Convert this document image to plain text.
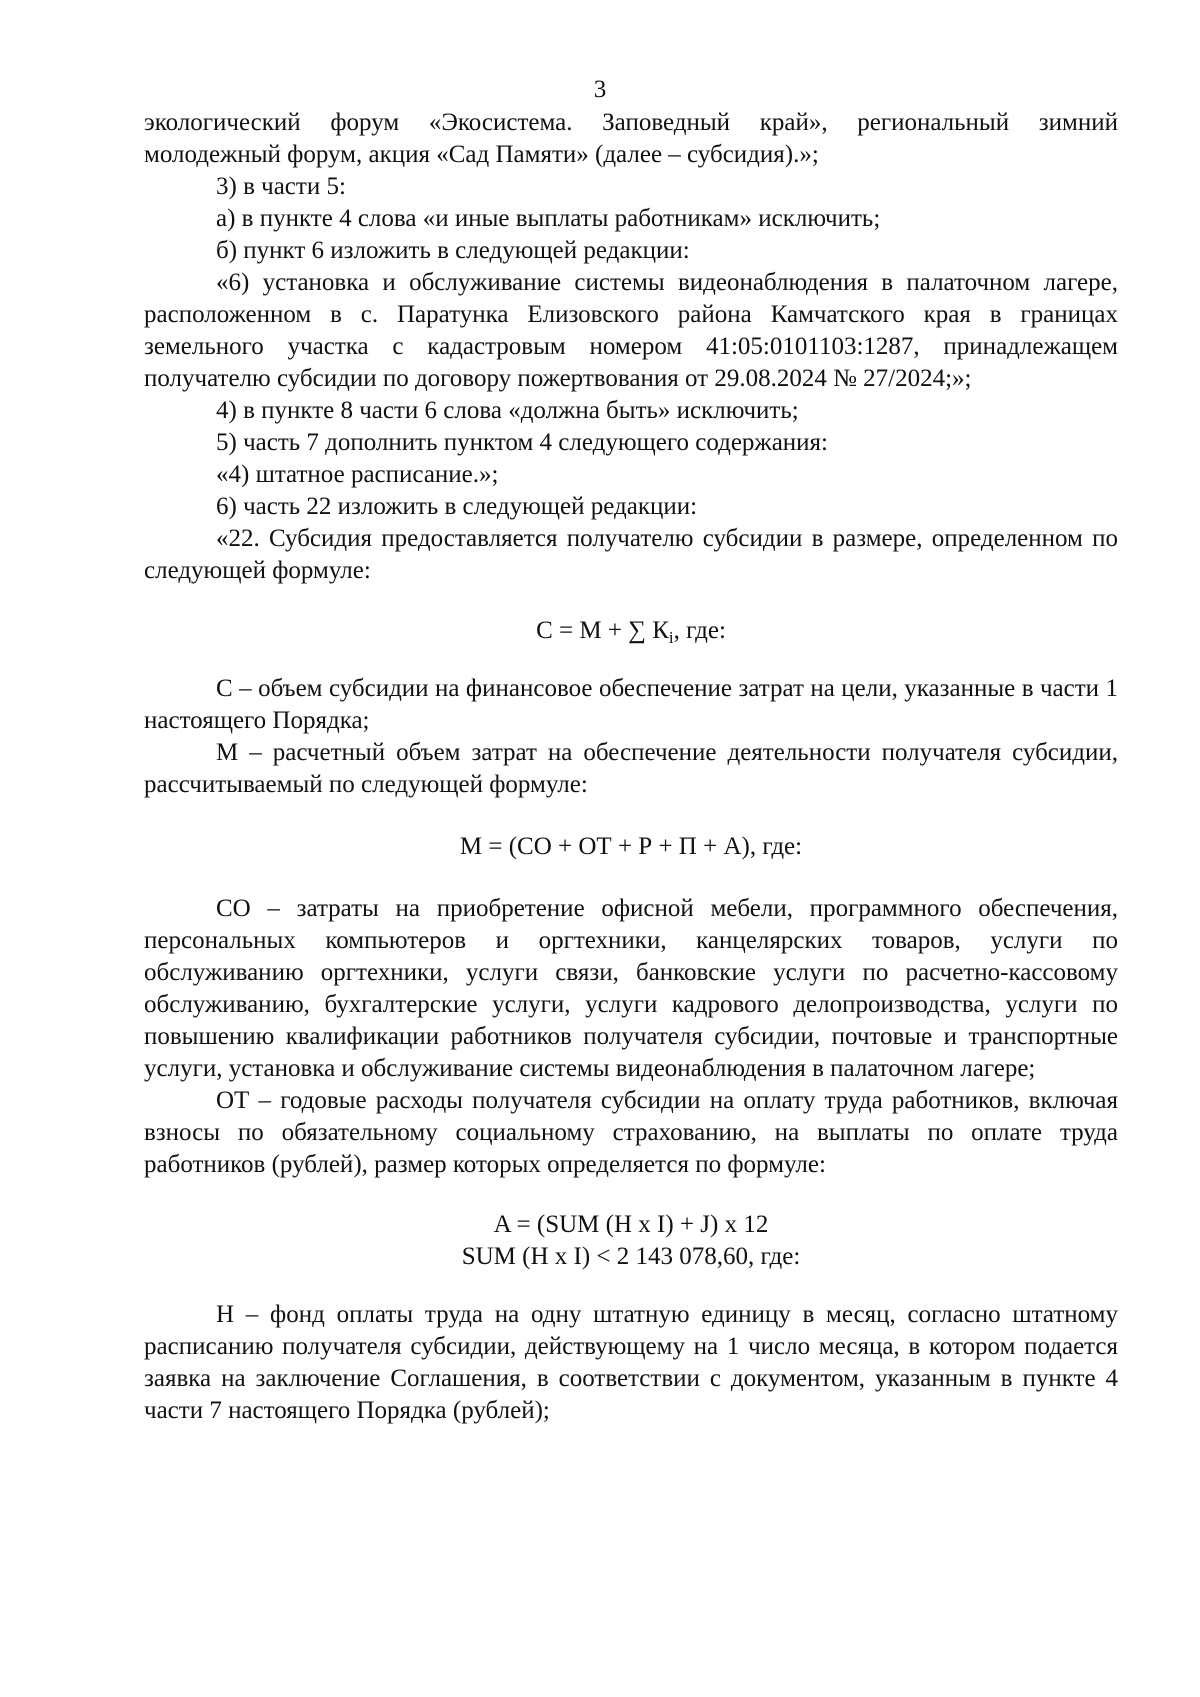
3

экологический форум «Экосистема. Заповедный край», региональный зимний молодежный форум, акция «Сад Памяти» (далее – субсидия).»;

3) в части 5:

а) в пункте 4 слова «и иные выплаты работникам» исключить;

б) пункт 6 изложить в следующей редакции:

«6) установка и обслуживание системы видеонаблюдения в палаточном лагере, расположенном в с. Паратунка Елизовского района Камчатского края в границах земельного участка с кадастровым номером 41:05:0101103:1287, принадлежащем получателю субсидии по договору пожертвования от 29.08.2024 № 27/2024;»;

4) в пункте 8 части 6 слова «должна быть» исключить;

5) часть 7 дополнить пунктом 4 следующего содержания:

«4) штатное расписание.»;

6) часть 22 изложить в следующей редакции:

«22. Субсидия предоставляется получателю субсидии в размере, определенном по следующей формуле:

С = М + ∑ $К_i$, где:

С – объем субсидии на финансовое обеспечение затрат на цели, указанные в части 1 настоящего Порядка;

М – расчетный объем затрат на обеспечение деятельности получателя субсидии, рассчитываемый по следующей формуле:

М = (СО + ОТ + Р + П + А), где:

СО – затраты на приобретение офисной мебели, программного обеспечения, персональных компьютеров и оргтехники, канцелярских товаров, услуги по обслуживанию оргтехники, услуги связи, банковские услуги по расчетно-кассовому обслуживанию, бухгалтерские услуги, услуги кадрового делопроизводства, услуги по повышению квалификации работников получателя субсидии, почтовые и транспортные услуги, установка и обслуживание системы видеонаблюдения в палаточном лагере;

ОТ – годовые расходы получателя субсидии на оплату труда работников, включая взносы по обязательному социальному страхованию, на выплаты по оплате труда работников (рублей), размер которых определяется по формуле:

A = (SUM (H x I) + J) x 12
SUM (H x I) < 2 143 078,60, где:

H – фонд оплаты труда на одну штатную единицу в месяц, согласно штатному расписанию получателя субсидии, действующему на 1 число месяца, в котором подается заявка на заключение Соглашения, в соответствии с документом, указанным в пункте 4 части 7 настоящего Порядка (рублей);
